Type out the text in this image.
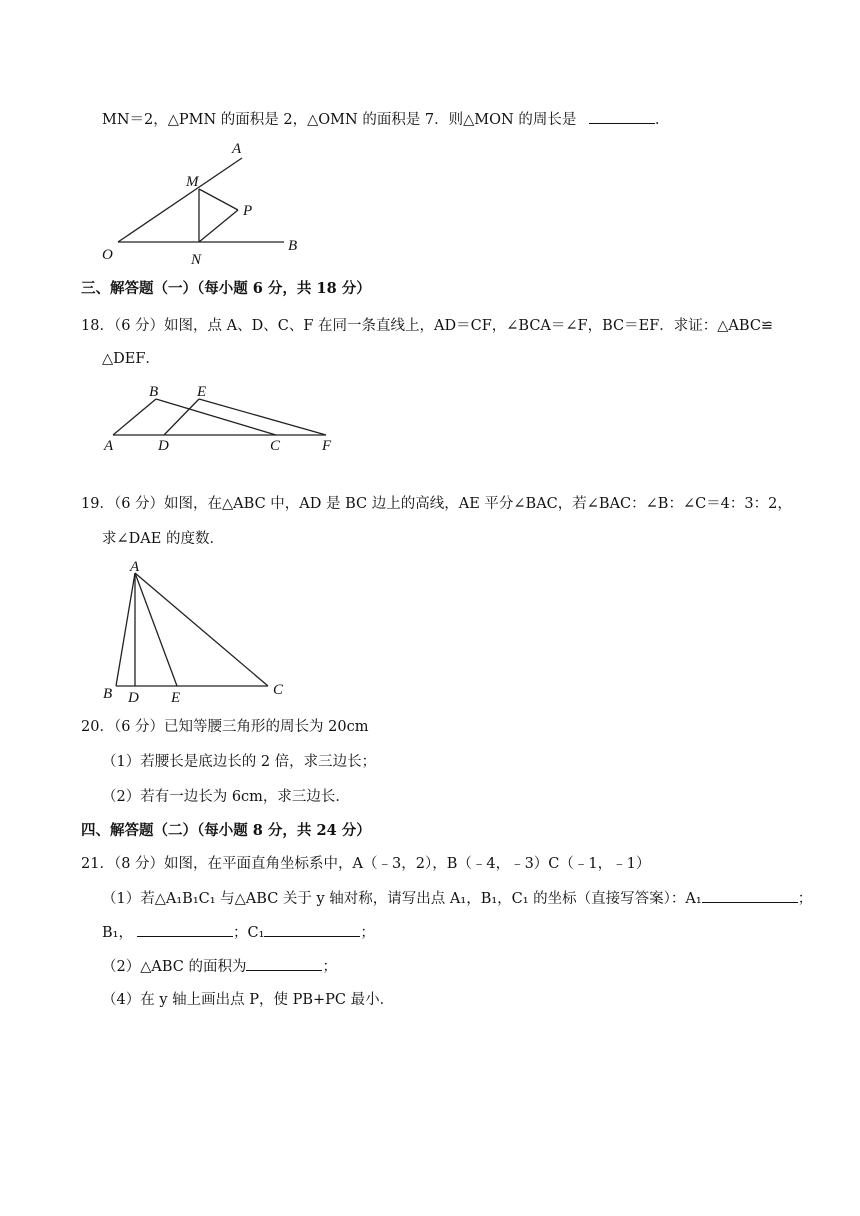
MN＝2，△PMN 的面积是 2，△OMN 的面积是 7．则△MON 的周长是	．
A
M
P
O	N
B
三、解答题（一）（每小题 6 分，共 18 分）
18．（6 分）如图，点 A、D、C、F 在同一条直线上，AD＝CF，∠BCA＝∠F，BC＝EF．求证：△ABC≌
△DEF．
B	E
A	D	C	F
19．（6 分）如图，在△ABC 中，AD 是 BC 边上的高线，AE 平分∠BAC，若∠BAC：∠B：∠C＝4：3：2，
求∠DAE 的度数．
A
B D E	C
20．（6 分）已知等腰三角形的周长为 20cm
（1）若腰长是底边长的 2 倍，求三边长；
（2）若有一边长为 6cm，求三边长．
四、解答题（二）（每小题 8 分，共 24 分）
21．（8 分）如图，在平面直角坐标系中，A（﹣3，2），B（﹣4，﹣3）C（﹣1，﹣1）
（1）若△A₁B₁C₁ 与△ABC 关于 y 轴对称，请写出点 A₁，B₁，C₁ 的坐标（直接写答案）：A₁	；
B₁，	；C₁	；
（2）△ABC 的面积为	；
（4）在 y 轴上画出点 P，使 PB+PC 最小．
